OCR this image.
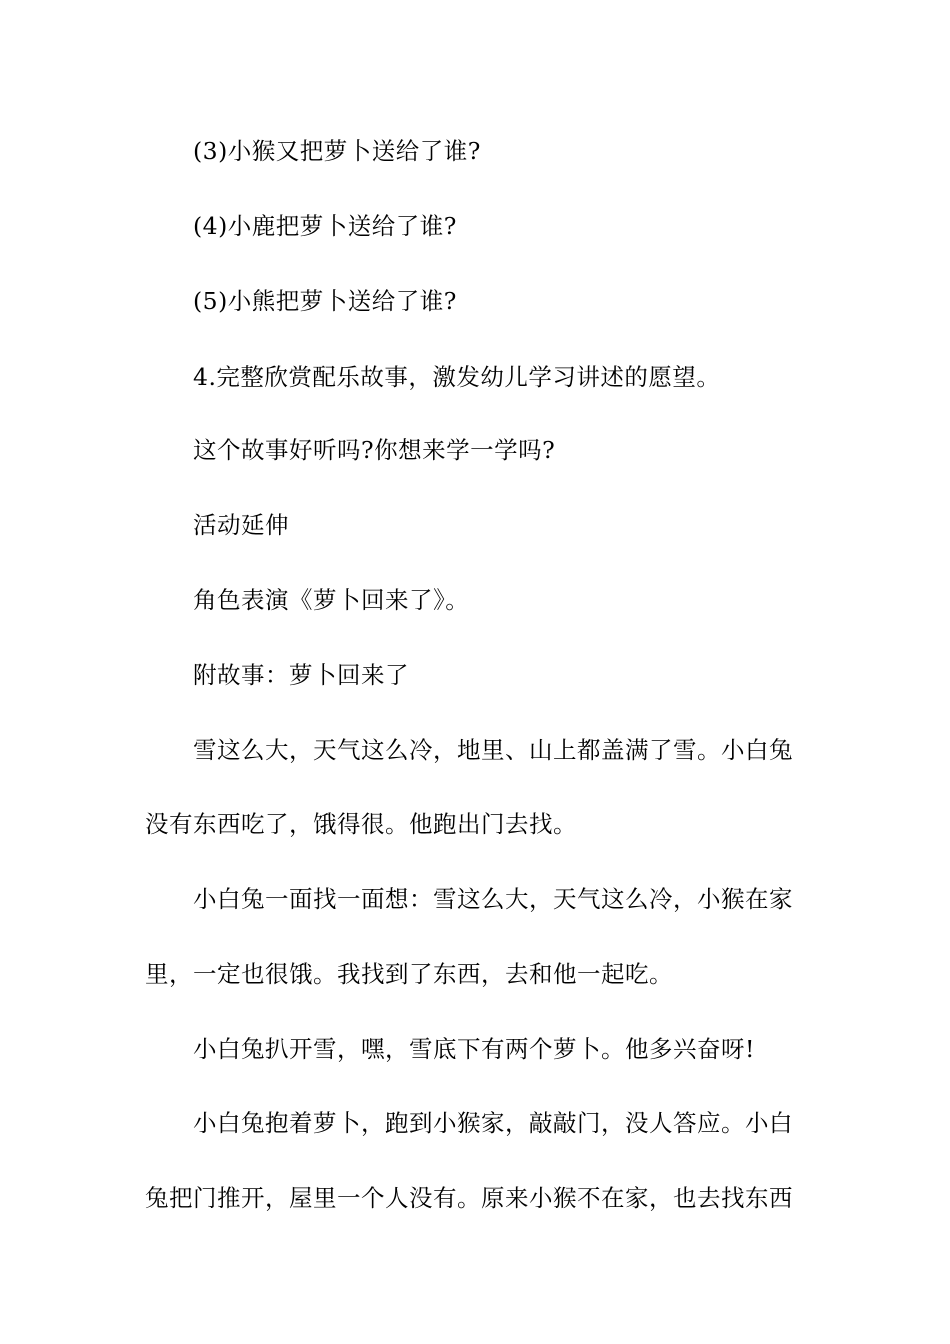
(3)小猴又把萝卜送给了谁?
(4)小鹿把萝卜送给了谁?
(5)小熊把萝卜送给了谁?
4.完整欣赏配乐故事，激发幼儿学习讲述的愿望。
这个故事好听吗?你想来学一学吗?
活动延伸
角色表演《萝卜回来了》。
附故事：萝卜回来了
雪这么大，天气这么冷，地里、山上都盖满了雪。小白兔
没有东西吃了，饿得很。他跑出门去找。
小白兔一面找一面想：雪这么大，天气这么冷，小猴在家
里，一定也很饿。我找到了东西，去和他一起吃。
小白兔扒开雪，嘿，雪底下有两个萝卜。他多兴奋呀!
小白兔抱着萝卜，跑到小猴家，敲敲门，没人答应。小白
兔把门推开，屋里一个人没有。原来小猴不在家，也去找东西
